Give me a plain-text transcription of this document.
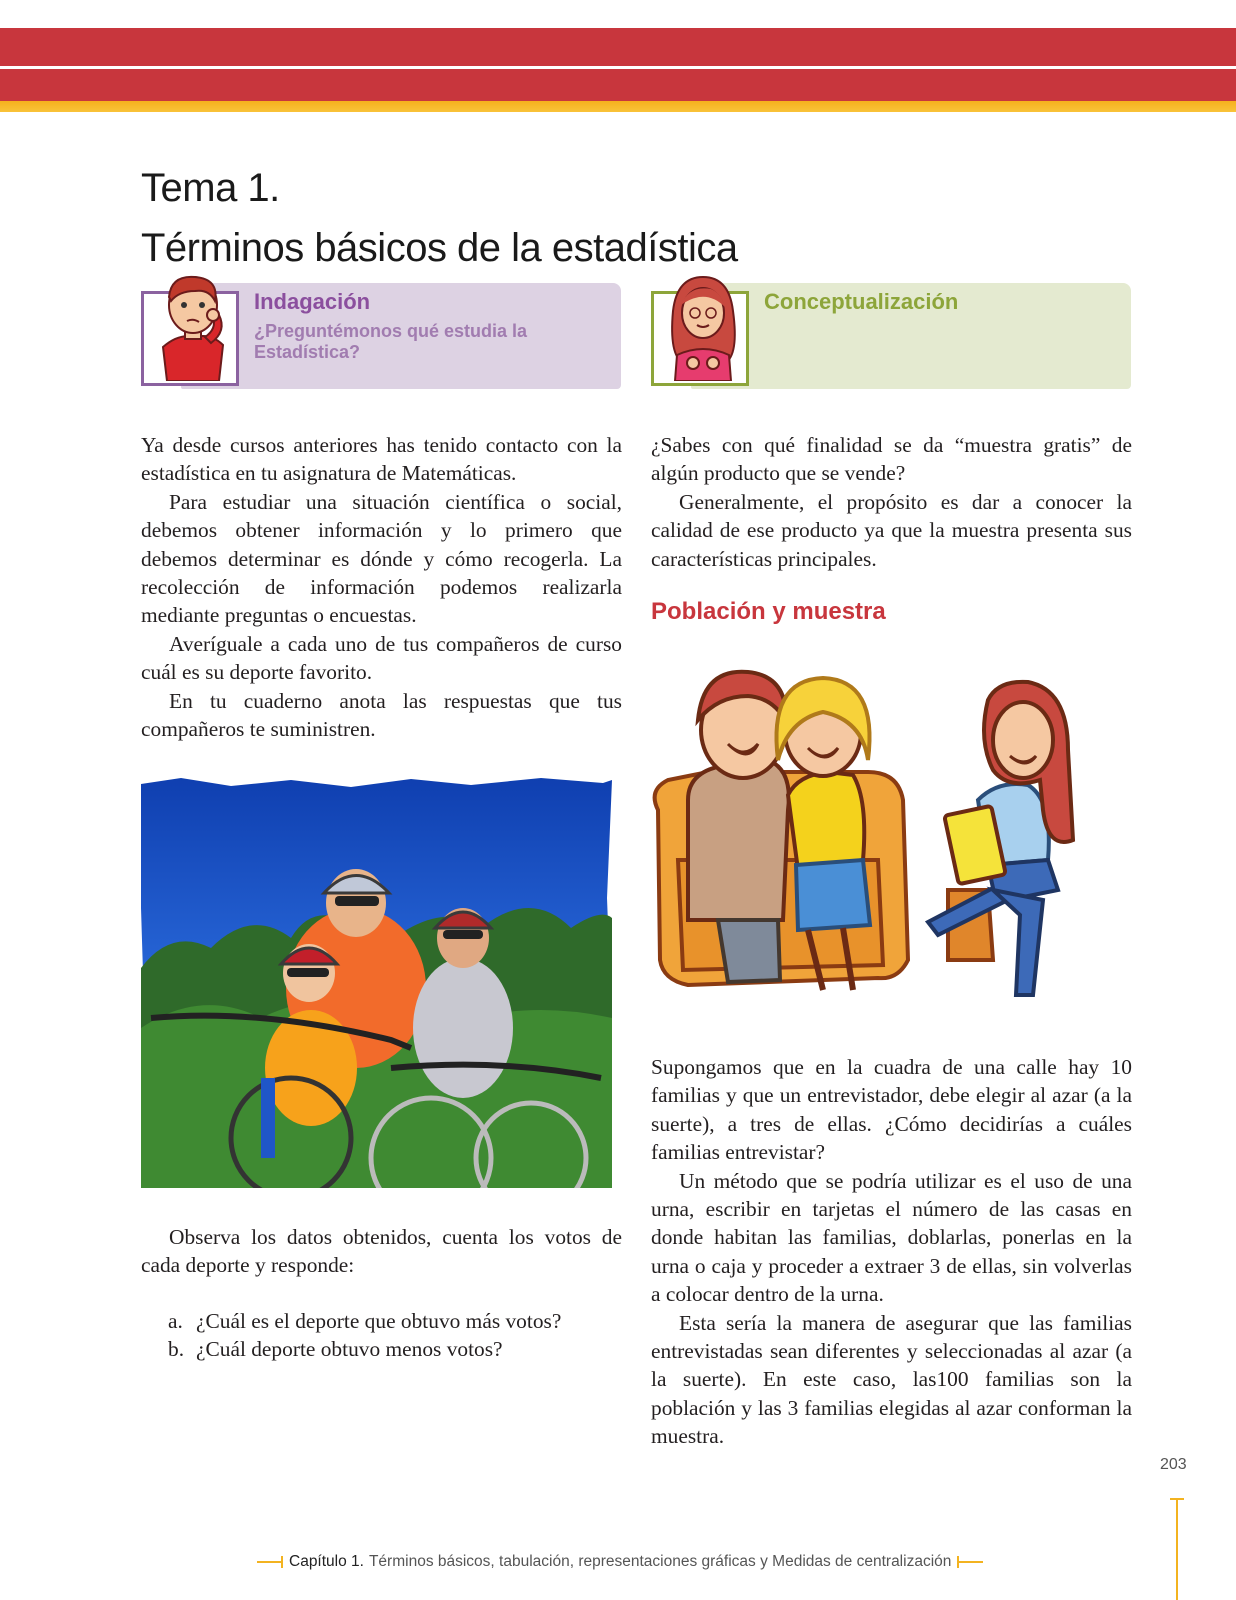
Tema 1.
Términos básicos de la estadística
Indagación
¿Preguntémonos qué estudia la
Estadística?
Conceptualización

Ya desde cursos anteriores has tenido contacto con la estadística en tu asignatura de Matemáticas.

Para estudiar una situación científica o social, debemos obtener información y lo primero que debemos determinar es dónde y cómo recogerla. La recolección de información podemos realizarla mediante preguntas o encuestas.

Averíguale a cada uno de tus compañeros de curso cuál es su deporte favorito.

En tu cuaderno anota las respuestas que tus compañeros te suministren.

Observa los datos obtenidos, cuenta los votos de cada deporte y responde:

a. ¿Cuál es el deporte que obtuvo más votos?
b. ¿Cuál deporte obtuvo menos votos?

¿Sabes con qué finalidad se da “muestra gratis” de algún producto que se vende?

Generalmente, el propósito es dar a conocer la calidad de ese producto ya que la muestra presenta sus características principales.

Población y muestra

Supongamos que en la cuadra de una calle hay 10 familias y que un entrevistador, debe elegir al azar (a la suerte), a tres de ellas. ¿Cómo decidirías a cuáles familias entrevistar?

Un método que se podría utilizar es el uso de una urna, escribir en tarjetas el número de las casas en donde habitan las familias, doblarlas, ponerlas en la urna o caja y proceder a extraer 3 de ellas, sin volverlas a colocar dentro de la urna.

Esta sería la manera de asegurar que las familias entrevistadas sean diferentes y seleccionadas al azar (a la suerte). En este caso, las100 familias son la población y las 3 familias elegidas al azar conforman la muestra.

203
Capítulo 1. Términos básicos, tabulación, representaciones gráficas y Medidas de centralización
